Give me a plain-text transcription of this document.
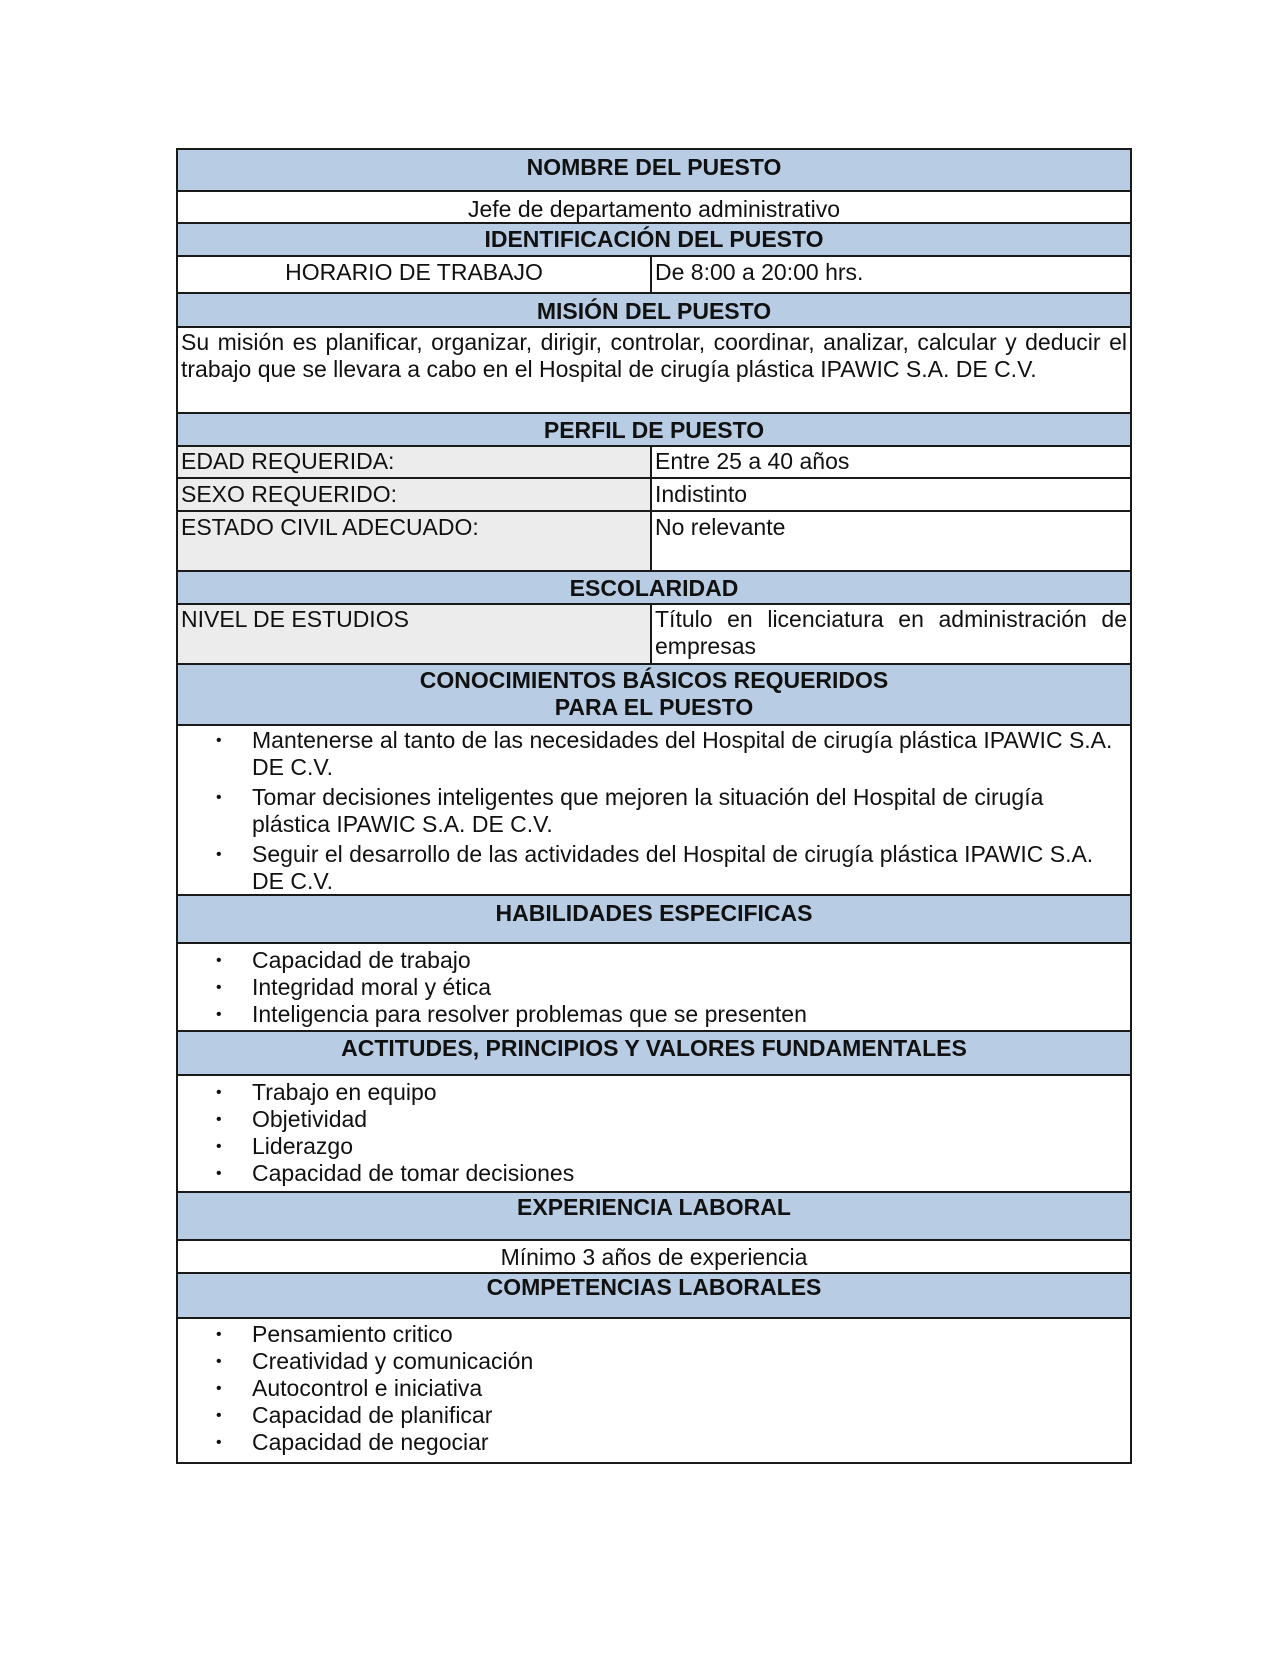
NOMBRE DEL PUESTO
Jefe de departamento administrativo
IDENTIFICACIÓN DEL PUESTO
HORARIO DE TRABAJO	De 8:00 a 20:00 hrs.
MISIÓN DEL PUESTO
Su misión es planificar, organizar, dirigir, controlar, coordinar, analizar, calcular y deducir el trabajo que se llevara a cabo en el Hospital de cirugía plástica IPAWIC S.A. DE C.V.
PERFIL DE PUESTO
EDAD REQUERIDA:	Entre 25 a 40 años
SEXO REQUERIDO:	Indistinto
ESTADO CIVIL ADECUADO:	No relevante
ESCOLARIDAD
NIVEL DE ESTUDIOS	Título en licenciatura en administración de empresas
CONOCIMIENTOS BÁSICOS REQUERIDOS
PARA EL PUESTO
• Mantenerse al tanto de las necesidades del Hospital de cirugía plástica IPAWIC S.A. DE C.V.
• Tomar decisiones inteligentes que mejoren la situación del Hospital de cirugía plástica IPAWIC S.A. DE C.V.
• Seguir el desarrollo de las actividades del Hospital de cirugía plástica IPAWIC S.A. DE C.V.
HABILIDADES ESPECIFICAS
• Capacidad de trabajo
• Integridad moral y ética
• Inteligencia para resolver problemas que se presenten
ACTITUDES, PRINCIPIOS Y VALORES FUNDAMENTALES
• Trabajo en equipo
• Objetividad
• Liderazgo
• Capacidad de tomar decisiones
EXPERIENCIA LABORAL
Mínimo 3 años de experiencia
COMPETENCIAS LABORALES
• Pensamiento critico
• Creatividad y comunicación
• Autocontrol e iniciativa
• Capacidad de planificar
• Capacidad de negociar
